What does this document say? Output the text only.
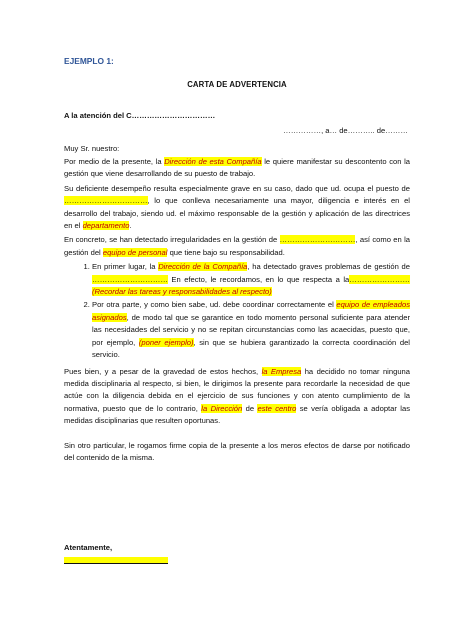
EJEMPLO 1:
CARTA DE ADVERTENCIA
A la atención del C……………………………
……………, a… de……….. de………
Muy Sr. nuestro:

Por medio de la presente, la Dirección de esta Compañía le quiere manifestar su descontento con la gestión que viene desarrollando de su puesto de trabajo.

Su deficiente desempeño resulta especialmente grave en su caso, dado que ud. ocupa el puesto de ……………………………, lo que conlleva necesariamente una mayor, diligencia e interés en el desarrollo del trabajo, siendo ud. el máximo responsable de la gestión y aplicación de las directrices en el departamento.

En concreto, se han detectado irregularidades en la gestión de …………………………, así como en la gestión del equipo de personal que tiene bajo su responsabilidad.

1. En primer lugar, la Dirección de la Compañía, ha detectado graves problemas de gestión de ………………………… En efecto, le recordamos, en lo que respecta a la…………………… (Recordar las tareas y responsabilidades al respecto)
2. Por otra parte, y como bien sabe, ud. debe coordinar correctamente el equipo de empleados asignados, de modo tal que se garantice en todo momento personal suficiente para atender las necesidades del servicio y no se repitan circunstancias como las acaecidas, puesto que, por ejemplo, (poner ejemplo), sin que se hubiera garantizado la correcta coordinación del servicio.

Pues bien, y a pesar de la gravedad de estos hechos, la Empresa ha decidido no tomar ninguna medida disciplinaria al respecto, si bien, le dirigimos la presente para recordarle la necesidad de que actúe con la diligencia debida en el ejercicio de sus funciones y con atento cumplimiento de la normativa, puesto que de lo contrario, la Dirección de este centro se vería obligada a adoptar las medidas disciplinarias que resulten oportunas.

Sin otro particular, le rogamos firme copia de la presente a los meros efectos de darse por notificado del contenido de la misma.

Atentamente,
